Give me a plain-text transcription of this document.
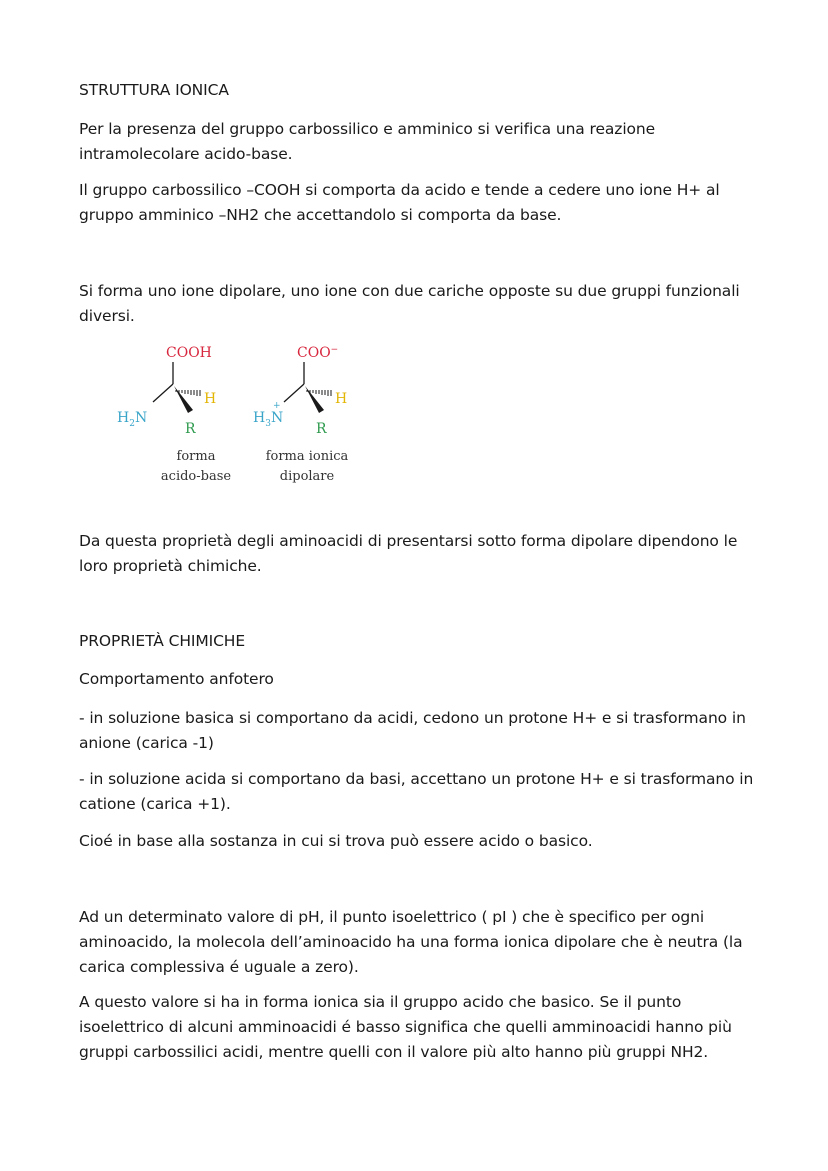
STRUTTURA IONICA

Per la presenza del gruppo carbossilico e amminico si verifica una reazione intramolecolare acido-base.

Il gruppo carbossilico –COOH si comporta da acido e tende a cedere uno ione H+ al gruppo amminico –NH2 che accettandolo si comporta da base.

Si forma uno ione dipolare, uno ione con due cariche opposte su due gruppi funzionali diversi.

COOH
H
R
$H_2N$
forma
acido-base
COO−
H
R
$H_3N$
+
forma ionica
dipolare

Da questa proprietà degli aminoacidi di presentarsi sotto forma dipolare dipendono le loro proprietà chimiche.

PROPRIETÀ CHIMICHE

Comportamento anfotero

- in soluzione basica si comportano da acidi, cedono un protone H+ e si trasformano in anione (carica -1)

- in soluzione acida si comportano da basi, accettano un protone H+ e si trasformano in catione (carica +1).

Cioé in base alla sostanza in cui si trova può essere acido o basico.

Ad un determinato valore di pH, il punto isoelettrico ( pI ) che è specifico per ogni aminoacido, la molecola dell’aminoacido ha una forma ionica dipolare che è neutra (la carica complessiva é uguale a zero).

A questo valore si ha in forma ionica sia il gruppo acido che basico. Se il punto isoelettrico di alcuni amminoacidi é basso significa che quelli amminoacidi hanno più gruppi carbossilici acidi, mentre quelli con il valore più alto hanno più gruppi NH2.
